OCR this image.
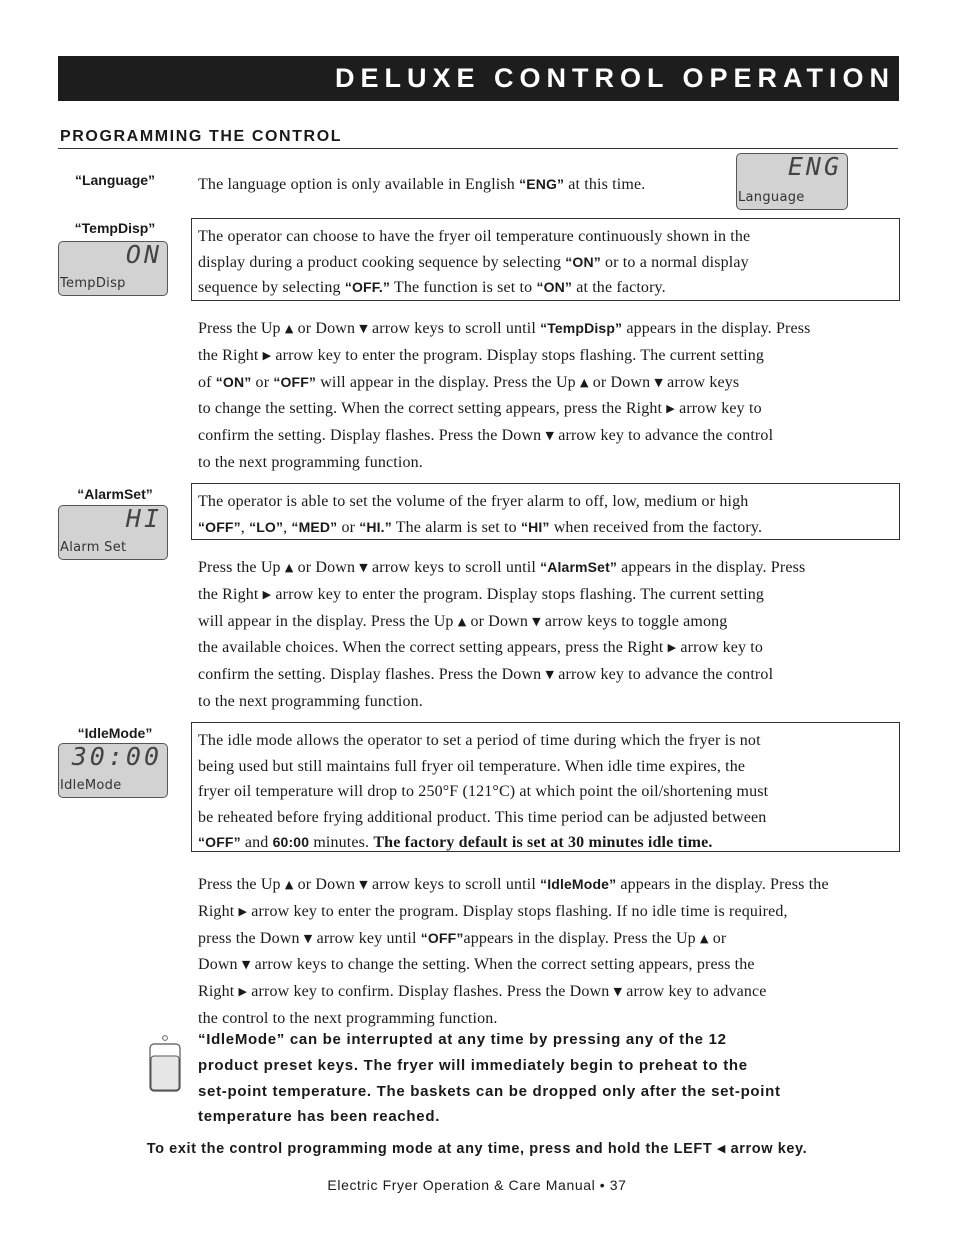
DELUXE CONTROL OPERATION
PROGRAMMING THE CONTROL
“Language”	The language option is only available in English “ENG” at this time.
ENG
Language
“TempDisp”
ON
TempDisp
The operator can choose to have the fryer oil temperature continuously shown in the
display during a product cooking sequence by selecting “ON” or to a normal display
sequence by selecting “OFF.” The function is set to “ON” at the factory.
Press the Up ▲ or Down ▼ arrow keys to scroll until “TempDisp” appears in the display. Press
the Right ▶ arrow key to enter the program. Display stops flashing. The current setting
of “ON” or “OFF” will appear in the display. Press the Up ▲ or Down ▼ arrow keys
to change the setting. When the correct setting appears, press the Right ▶ arrow key to
confirm the setting. Display flashes. Press the Down ▼ arrow key to advance the control
to the next programming function.
“AlarmSet”
HI
Alarm Set
The operator is able to set the volume of the fryer alarm to off, low, medium or high
“OFF”, “LO”, “MED” or “HI.” The alarm is set to “HI” when received from the factory.
Press the Up ▲ or Down ▼ arrow keys to scroll until “AlarmSet” appears in the display. Press
the Right ▶ arrow key to enter the program. Display stops flashing. The current setting
will appear in the display. Press the Up ▲ or Down ▼ arrow keys to toggle among
the available choices. When the correct setting appears, press the Right ▶ arrow key to
confirm the setting. Display flashes. Press the Down ▼ arrow key to advance the control
to the next programming function.
“IdleMode”
30:00
IdleMode
The idle mode allows the operator to set a period of time during which the fryer is not
being used but still maintains full fryer oil temperature. When idle time expires, the
fryer oil temperature will drop to 250°F (121°C) at which point the oil/shortening must
be reheated before frying additional product. This time period can be adjusted between
“OFF” and 60:00 minutes. The factory default is set at 30 minutes idle time.
Press the Up ▲ or Down ▼ arrow keys to scroll until “IdleMode” appears in the display. Press the
Right ▶ arrow key to enter the program. Display stops flashing. If no idle time is required,
press the Down ▼ arrow key until “OFF”appears in the display. Press the Up ▲ or
Down ▼ arrow keys to change the setting. When the correct setting appears, press the
Right ▶ arrow key to confirm. Display flashes. Press the Down ▼ arrow key to advance
the control to the next programming function.
“IdleMode” can be interrupted at any time by pressing any of the 12
product preset keys. The fryer will immediately begin to preheat to the
set-point temperature. The baskets can be dropped only after the set-point
temperature has been reached.
To exit the control programming mode at any time, press and hold the LEFT ◀ arrow key.
Electric Fryer Operation & Care Manual • 37
